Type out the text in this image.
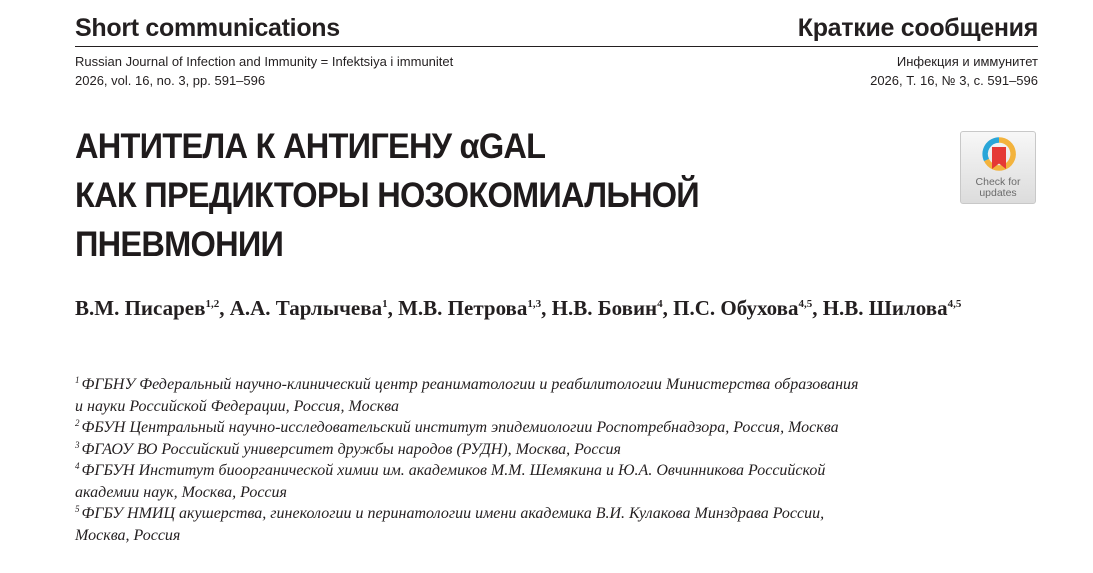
Short communications	Краткие сообщения
Russian Journal of Infection and Immunity = Infektsiya i immunitet
2026, vol. 16, no. 3, pp. 591–596
Инфекция и иммунитет
2026, Т. 16, № 3, с. 591–596
АНТИТЕЛА К АНТИГЕНУ αGAL
КАК ПРЕДИКТОРЫ НОЗОКОМИАЛЬНОЙ
ПНЕВМОНИИ
Check for
updates
В.М. Писарев$^{1,2}$, А.А. Тарлычева$^1$, М.В. Петрова$^{1,3}$, Н.В. Бовин$^4$, П.С. Обухова$^{4,5}$, Н.В. Шилова$^{4,5}$
$^1$ ФГБНУ Федеральный научно-клинический центр реаниматологии и реабилитологии Министерства образования
и науки Российской Федерации, Россия, Москва
$^2$ ФБУН Центральный научно-исследовательский институт эпидемиологии Роспотребнадзора, Россия, Москва
$^3$ ФГАОУ ВО Российский университет дружбы народов (РУДН), Москва, Россия
$^4$ ФГБУН Институт биоорганической химии им. академиков М.М. Шемякина и Ю.А. Овчинникова Российской
академии наук, Москва, Россия
$^5$ ФГБУ НМИЦ акушерства, гинекологии и перинатологии имени академика В.И. Кулакова Минздрава России,
Москва, Россия
